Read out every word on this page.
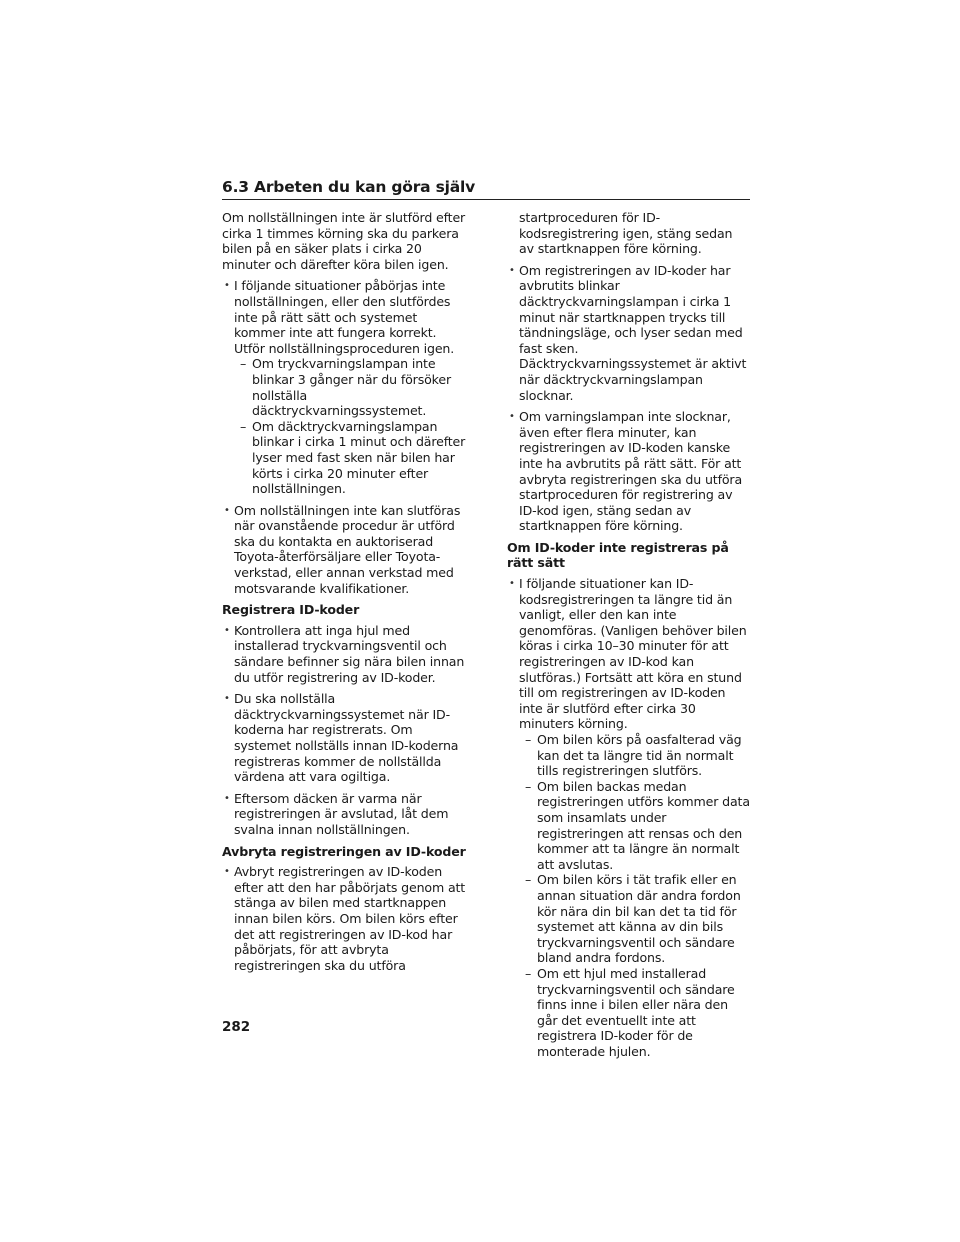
6.3 Arbeten du kan göra själv

Om nollställningen inte är slutförd efter cirka 1 timmes körning ska du parkera bilen på en säker plats i cirka 20 minuter och därefter köra bilen igen.

• I följande situationer påbörjas inte nollställningen, eller den slutfördes inte på rätt sätt och systemet kommer inte att fungera korrekt. Utför nollställningsproceduren igen.
– Om tryckvarningslampan inte blinkar 3 gånger när du försöker nollställa däcktryckvarningssystemet.
– Om däcktryckvarningslampan blinkar i cirka 1 minut och därefter lyser med fast sken när bilen har körts i cirka 20 minuter efter nollställningen.
• Om nollställningen inte kan slutföras när ovanstående procedur är utförd ska du kontakta en auktoriserad Toyota-återförsäljare eller Toyota-verkstad, eller annan verkstad med motsvarande kvalifikationer.
Registrera ID-koder
• Kontrollera att inga hjul med installerad tryckvarningsventil och sändare befinner sig nära bilen innan du utför registrering av ID-koder.
• Du ska nollställa däcktryckvarningssystemet när ID-koderna har registrerats. Om systemet nollställs innan ID-koderna registreras kommer de nollställda värdena att vara ogiltiga.
• Eftersom däcken är varma när registreringen är avslutad, låt dem svalna innan nollställningen.
Avbryta registreringen av ID-koder
• Avbryt registreringen av ID-koden efter att den har påbörjats genom att stänga av bilen med startknappen innan bilen körs. Om bilen körs efter det att registreringen av ID-kod har påbörjats, för att avbryta registreringen ska du utföra

startproceduren för ID-kodsregistrering igen, stäng sedan av startknappen före körning.

• Om registreringen av ID-koder har avbrutits blinkar däcktryckvarningslampan i cirka 1 minut när startknappen trycks till tändningsläge, och lyser sedan med fast sken. Däcktryckvarningssystemet är aktivt när däcktryckvarningslampan slocknar.
• Om varningslampan inte slocknar, även efter flera minuter, kan registreringen av ID-koden kanske inte ha avbrutits på rätt sätt. För att avbryta registreringen ska du utföra startproceduren för registrering av ID-kod igen, stäng sedan av startknappen före körning.
Om ID-koder inte registreras på rätt sätt
• I följande situationer kan ID-kodsregistreringen ta längre tid än vanligt, eller den kan inte genomföras. (Vanligen behöver bilen köras i cirka 10–30 minuter för att registreringen av ID-kod kan slutföras.) Fortsätt att köra en stund till om registreringen av ID-koden inte är slutförd efter cirka 30 minuters körning.
– Om bilen körs på oasfalterad väg kan det ta längre tid än normalt tills registreringen slutförs.
– Om bilen backas medan registreringen utförs kommer data som insamlats under registreringen att rensas och den kommer att ta längre än normalt att avslutas.
– Om bilen körs i tät trafik eller en annan situation där andra fordon kör nära din bil kan det ta tid för systemet att känna av din bils tryckvarningsventil och sändare bland andra fordons.
– Om ett hjul med installerad tryckvarningsventil och sändare finns inne i bilen eller nära den går det eventuellt inte att registrera ID-koder för de monterade hjulen.
282
